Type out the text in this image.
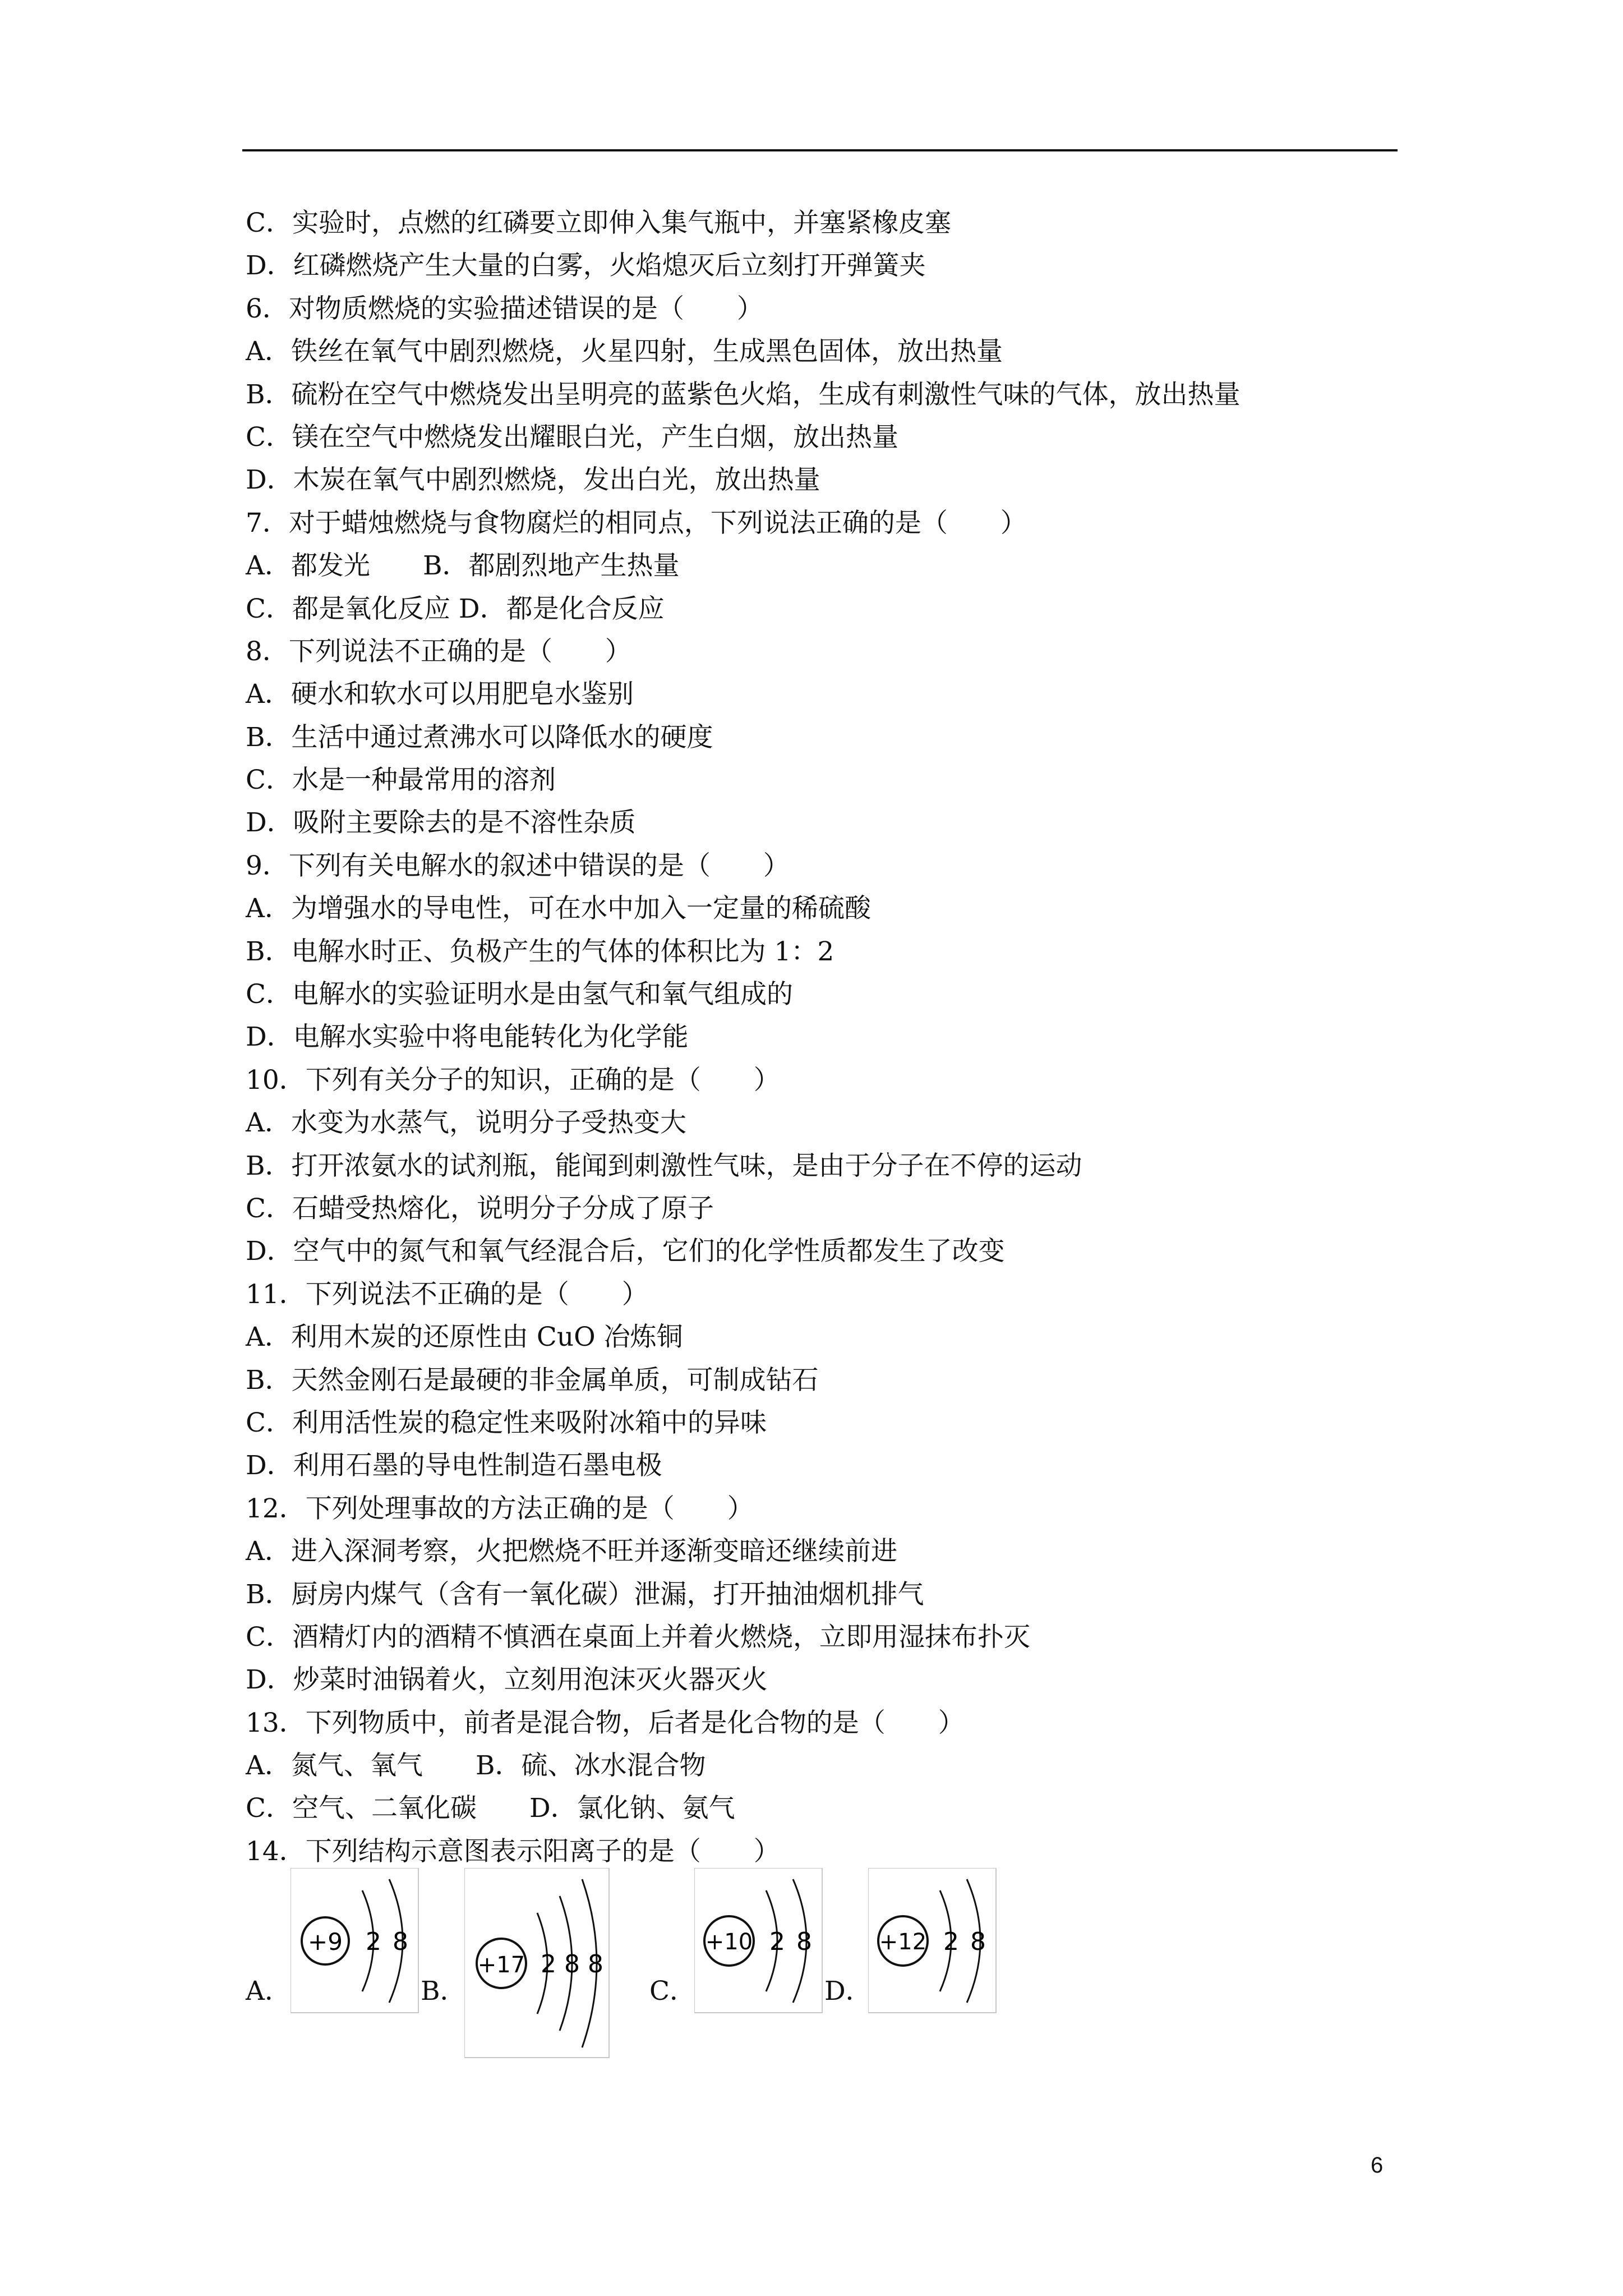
C．实验时，点燃的红磷要立即伸入集气瓶中，并塞紧橡皮塞
D．红磷燃烧产生大量的白雾，火焰熄灭后立刻打开弹簧夹
6．对物质燃烧的实验描述错误的是（　　）
A．铁丝在氧气中剧烈燃烧，火星四射，生成黑色固体，放出热量
B．硫粉在空气中燃烧发出呈明亮的蓝紫色火焰，生成有刺激性气味的气体，放出热量
C．镁在空气中燃烧发出耀眼白光，产生白烟，放出热量
D．木炭在氧气中剧烈燃烧，发出白光，放出热量
7．对于蜡烛燃烧与食物腐烂的相同点，下列说法正确的是（　　）
A．都发光　　B．都剧烈地产生热量
C．都是氧化反应 D．都是化合反应
8．下列说法不正确的是（　　）
A．硬水和软水可以用肥皂水鉴别
B．生活中通过煮沸水可以降低水的硬度
C．水是一种最常用的溶剂
D．吸附主要除去的是不溶性杂质
9．下列有关电解水的叙述中错误的是（　　）
A．为增强水的导电性，可在水中加入一定量的稀硫酸
B．电解水时正、负极产生的气体的体积比为 1：2
C．电解水的实验证明水是由氢气和氧气组成的
D．电解水实验中将电能转化为化学能
10．下列有关分子的知识，正确的是（　　）
A．水变为水蒸气，说明分子受热变大
B．打开浓氨水的试剂瓶，能闻到刺激性气味，是由于分子在不停的运动
C．石蜡受热熔化，说明分子分成了原子
D．空气中的氮气和氧气经混合后，它们的化学性质都发生了改变
11．下列说法不正确的是（　　）
A．利用木炭的还原性由 CuO 冶炼铜
B．天然金刚石是最硬的非金属单质，可制成钻石
C．利用活性炭的稳定性来吸附冰箱中的异味
D．利用石墨的导电性制造石墨电极
12．下列处理事故的方法正确的是（　　）
A．进入深洞考察，火把燃烧不旺并逐渐变暗还继续前进
B．厨房内煤气（含有一氧化碳）泄漏，打开抽油烟机排气
C．酒精灯内的酒精不慎洒在桌面上并着火燃烧，立即用湿抹布扑灭
D．炒菜时油锅着火，立刻用泡沫灭火器灭火
13．下列物质中，前者是混合物，后者是化合物的是（　　）
A．氮气、氧气　　B．硫、冰水混合物
C．空气、二氧化碳　　D．氯化钠、氨气
14．下列结构示意图表示阳离子的是（　　）
A．
+9 2 8
B．
+17 2 8 8
C．
+10 2 8
D．
+12 2 8
6
